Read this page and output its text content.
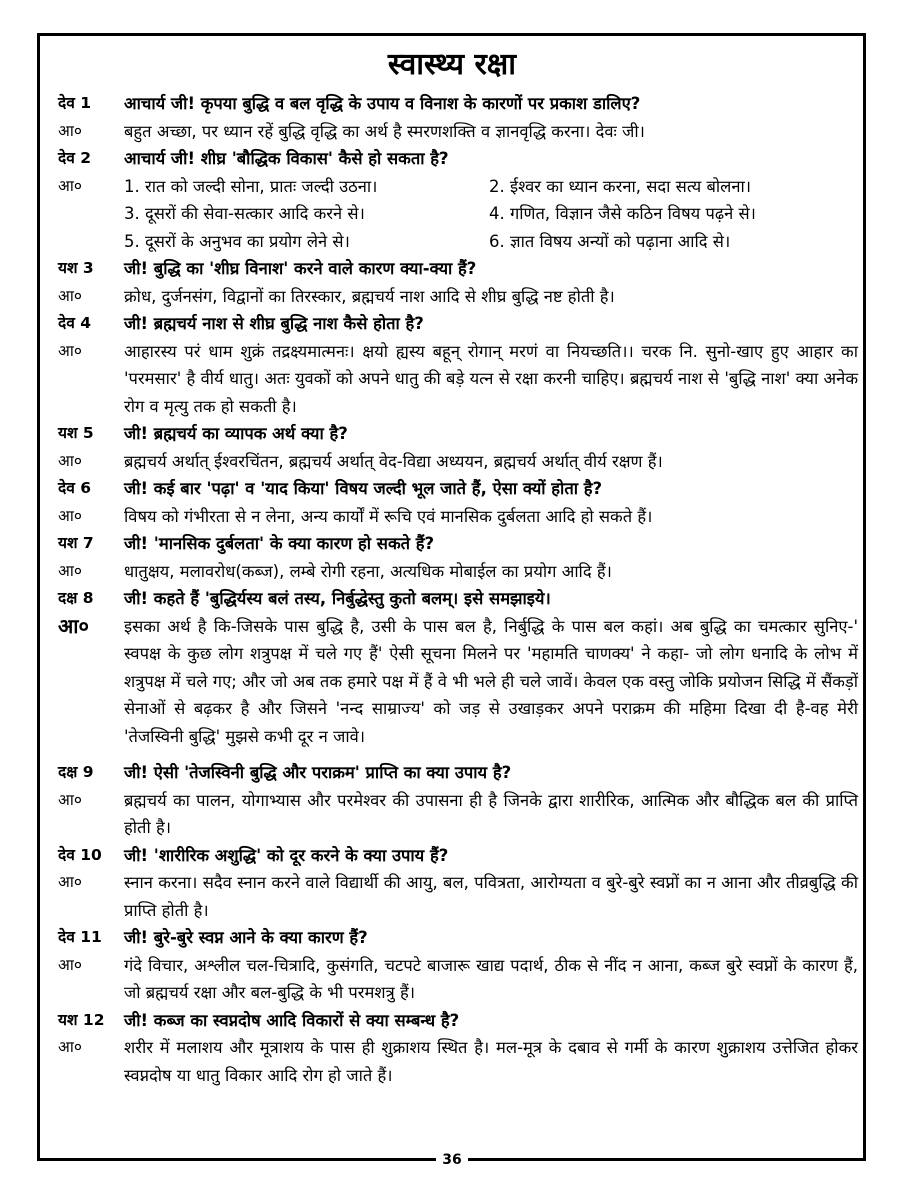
स्वास्थ्य रक्षा
देव 1	आचार्य जी! कृपया बुद्धि व बल वृद्धि के उपाय व विनाश के कारणों पर प्रकाश डालिए?
आ०	बहुत अच्छा, पर ध्यान रहें बुद्धि वृद्धि का अर्थ है स्मरणशक्ति व ज्ञानवृद्धि करना। देवः जी।
देव 2	आचार्य जी! शीघ्र 'बौद्धिक विकास' कैसे हो सकता है?
आ०	1. रात को जल्दी सोना, प्रातः जल्दी उठना।	2. ईश्वर का ध्यान करना, सदा सत्य बोलना।
3. दूसरों की सेवा-सत्कार आदि करने से।	4. गणित, विज्ञान जैसे कठिन विषय पढ़ने से।
5. दूसरों के अनुभव का प्रयोग लेने से।	6. ज्ञात विषय अन्यों को पढ़ाना आदि से।
यश 3	जी! बुद्धि का 'शीघ्र विनाश' करने वाले कारण क्या-क्या हैं?
आ०	क्रोध, दुर्जनसंग, विद्वानों का तिरस्कार, ब्रह्मचर्य नाश आदि से शीघ्र बुद्धि नष्ट होती है।
देव 4	जी! ब्रह्मचर्य नाश से शीघ्र बुद्धि नाश कैसे होता है?
आ०	आहारस्य परं धाम शुक्रं तद्रक्ष्यमात्मनः। क्षयो ह्यस्य बहून् रोगान् मरणं वा नियच्छति।। चरक नि. सुनो-खाए हुए आहार का 'परमसार' है वीर्य धातु। अतः युवकों को अपने धातु की बड़े यत्न से रक्षा करनी चाहिए। ब्रह्मचर्य नाश से 'बुद्धि नाश' क्या अनेक रोग व मृत्यु तक हो सकती है।
यश 5	जी! ब्रह्मचर्य का व्यापक अर्थ क्या है?
आ०	ब्रह्मचर्य अर्थात् ईश्वरचिंतन, ब्रह्मचर्य अर्थात् वेद-विद्या अध्ययन, ब्रह्मचर्य अर्थात् वीर्य रक्षण हैं।
देव 6	जी! कई बार 'पढ़ा' व 'याद किया' विषय जल्दी भूल जाते हैं, ऐसा क्यों होता है?
आ०	विषय को गंभीरता से न लेना, अन्य कार्यों में रूचि एवं मानसिक दुर्बलता आदि हो सकते हैं।
यश 7	जी! 'मानसिक दुर्बलता' के क्या कारण हो सकते हैं?
आ०	धातुक्षय, मलावरोध(कब्ज), लम्बे रोगी रहना, अत्यधिक मोबाईल का प्रयोग आदि हैं।
दक्ष 8	जी! कहते हैं 'बुद्धिर्यस्य बलं तस्य, निर्बुद्धेस्तु कुतो बलम्। इसे समझाइये।
आ०	इसका अर्थ है कि-जिसके पास बुद्धि है, उसी के पास बल है, निर्बुद्धि के पास बल कहां। अब बुद्धि का चमत्कार सुनिए-' स्वपक्ष के कुछ लोग शत्रुपक्ष में चले गए हैं' ऐसी सूचना मिलने पर 'महामति चाणक्य' ने कहा- जो लोग धनादि के लोभ में शत्रुपक्ष में चले गए; और जो अब तक हमारे पक्ष में हैं वे भी भले ही चले जावें। केवल एक वस्तु जोकि प्रयोजन सिद्धि में सैंकड़ों सेनाओं से बढ़कर है और जिसने 'नन्द साम्राज्य' को जड़ से उखाड़कर अपने पराक्रम की महिमा दिखा दी है-वह मेरी 'तेजस्विनी बुद्धि' मुझसे कभी दूर न जावे।
दक्ष 9	जी! ऐसी 'तेजस्विनी बुद्धि और पराक्रम' प्राप्ति का क्या उपाय है?
आ०	ब्रह्मचर्य का पालन, योगाभ्यास और परमेश्वर की उपासना ही है जिनके द्वारा शारीरिक, आत्मिक और बौद्धिक बल की प्राप्ति होती है।
देव 10	जी! 'शारीरिक अशुद्धि' को दूर करने के क्या उपाय हैं?
आ०	स्नान करना। सदैव स्नान करने वाले विद्यार्थी की आयु, बल, पवित्रता, आरोग्यता व बुरे-बुरे स्वप्नों का न आना और तीव्रबुद्धि की प्राप्ति होती है।
देव 11	जी! बुरे-बुरे स्वप्न आने के क्या कारण हैं?
आ०	गंदे विचार, अश्लील चल-चित्रादि, कुसंगति, चटपटे बाजारू खाद्य पदार्थ, ठीक से नींद न आना, कब्ज बुरे स्वप्नों के कारण हैं, जो ब्रह्मचर्य रक्षा और बल-बुद्धि के भी परमशत्रु हैं।
यश 12	जी! कब्ज का स्वप्नदोष आदि विकारों से क्या सम्बन्ध है?
आ०	शरीर में मलाशय और मूत्राशय के पास ही शुक्राशय स्थित है। मल-मूत्र के दबाव से गर्मी के कारण शुक्राशय उत्तेजित होकर स्वप्नदोष या धातु विकार आदि रोग हो जाते हैं।
36
